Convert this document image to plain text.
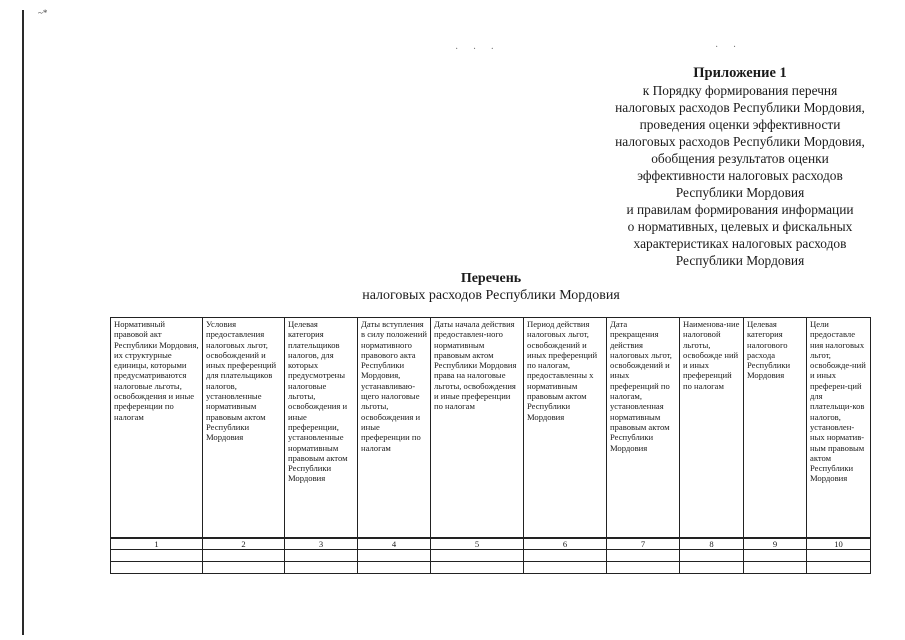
~*
· · ·	· ·
Приложение 1
к Порядку формирования перечня
налоговых расходов Республики Мордовия,
проведения оценки эффективности
налоговых расходов Республики Мордовия,
обобщения результатов оценки
эффективности налоговых расходов
Республики Мордовия
и правилам формирования информации
о нормативных, целевых и фискальных
характеристиках налоговых расходов
Республики Мордовия
Перечень
налоговых расходов Республики Мордовия
Нормативный правовой акт Республики Мордовия, их структурные единицы, которыми предусматриваются налоговые льготы, освобождения и иные преференции по налогам	Условия предоставления налоговых льгот, освобождений и иных преференций для плательщиков налогов, установленные нормативным правовым актом Республики Мордовия	Целевая категория плательщиков налогов, для которых предусмотрены налоговые льготы, освобождения и иные преференции, установленные нормативным правовым актом Республики Мордовия	Даты вступления в силу положений нормативного правового акта Республики Мордовия, устанавливаю-щего налоговые льготы, освобождения и иные преференции по налогам	Даты начала действия предоставлен-ного нормативным правовым актом Республики Мордовия права на налоговые льготы, освобождения и иные преференции по налогам	Период действия налоговых льгот, освобождений и иных преференций по налогам, предоставленны х нормативным правовым актом Республики Мордовия	Дата прекращения действия налоговых льгот, освобождений и иных преференций по налогам, установленная нормативным правовым актом Республики Мордовия	Наименова-ние налоговой льготы, освобожде ний и иных преференций по налогам	Целевая категория налогового расхода Республики Мордовия	Цели предоставле ния налоговых льгот, освобожде-ний и иных преферен-ций для плательщи-ков налогов, установлен-ных норматив-ным правовым актом Республики Мордовия
1	2	3	4	5	6	7	8	9	10
